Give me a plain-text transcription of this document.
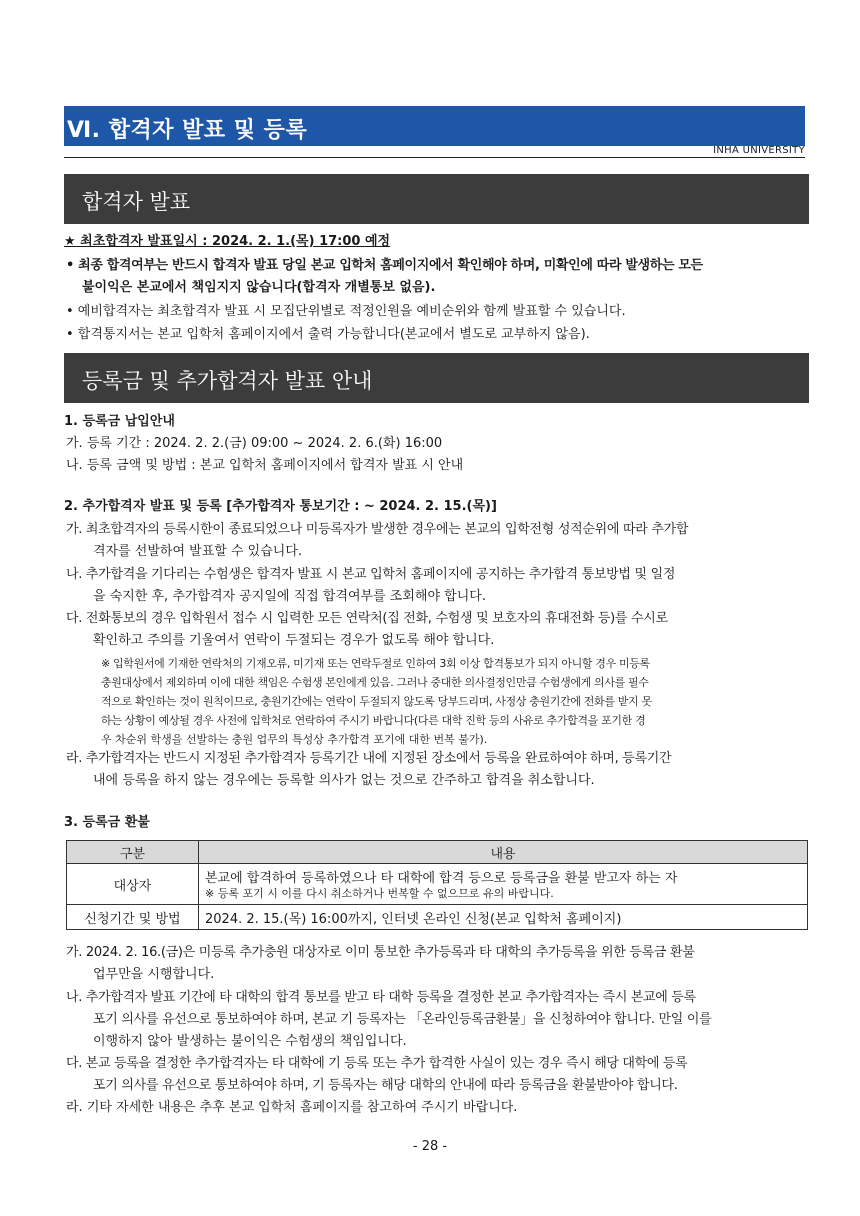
Ⅵ. 합격자 발표 및 등록
INHA UNIVERSITY
합격자 발표
★ 최초합격자 발표일시 : 2024. 2. 1.(목) 17:00 예정
• 최종 합격여부는 반드시 합격자 발표 당일 본교 입학처 홈페이지에서 확인해야 하며, 미확인에 따라 발생하는 모든
불이익은 본교에서 책임지지 않습니다(합격자 개별통보 없음).
• 예비합격자는 최초합격자 발표 시 모집단위별로 적정인원을 예비순위와 함께 발표할 수 있습니다.
• 합격통지서는 본교 입학처 홈페이지에서 출력 가능합니다(본교에서 별도로 교부하지 않음).
등록금 및 추가합격자 발표 안내
1. 등록금 납입안내
가. 등록 기간 : 2024. 2. 2.(금) 09:00 ~ 2024. 2. 6.(화) 16:00
나. 등록 금액 및 방법 : 본교 입학처 홈페이지에서 합격자 발표 시 안내
2. 추가합격자 발표 및 등록 [추가합격자 통보기간 : ~ 2024. 2. 15.(목)]
가. 최초합격자의 등록시한이 종료되었으나 미등록자가 발생한 경우에는 본교의 입학전형 성적순위에 따라 추가합
격자를 선발하여 발표할 수 있습니다.
나. 추가합격을 기다리는 수험생은 합격자 발표 시 본교 입학처 홈페이지에 공지하는 추가합격 통보방법 및 일정
을 숙지한 후, 추가합격자 공지일에 직접 합격여부를 조회해야 합니다.
다. 전화통보의 경우 입학원서 접수 시 입력한 모든 연락처(집 전화, 수험생 및 보호자의 휴대전화 등)를 수시로
확인하고 주의를 기울여서 연락이 두절되는 경우가 없도록 해야 합니다.
※ 입학원서에 기재한 연락처의 기재오류, 미기재 또는 연락두절로 인하여 3회 이상 합격통보가 되지 아니할 경우 미등록
충원대상에서 제외하며 이에 대한 책임은 수험생 본인에게 있음. 그러나 중대한 의사결정인만큼 수험생에게 의사를 필수
적으로 확인하는 것이 원칙이므로, 충원기간에는 연락이 두절되지 않도록 당부드리며, 사정상 충원기간에 전화를 받지 못
하는 상황이 예상될 경우 사전에 입학처로 연락하여 주시기 바랍니다(다른 대학 진학 등의 사유로 추가합격을 포기한 경
우 차순위 학생을 선발하는 충원 업무의 특성상 추가합격 포기에 대한 번복 불가).
라. 추가합격자는 반드시 지정된 추가합격자 등록기간 내에 지정된 장소에서 등록을 완료하여야 하며, 등록기간
내에 등록을 하지 않는 경우에는 등록할 의사가 없는 것으로 간주하고 합격을 취소합니다.
3. 등록금 환불
구분	내용
대상자	본교에 합격하여 등록하였으나 타 대학에 합격 등으로 등록금을 환불 받고자 하는 자
※ 등록 포기 시 이를 다시 취소하거나 번복할 수 없으므로 유의 바랍니다.

신청기간 및 방법	2024. 2. 15.(목) 16:00까지, 인터넷 온라인 신청(본교 입학처 홈페이지)
가. 2024. 2. 16.(금)은 미등록 추가충원 대상자로 이미 통보한 추가등록과 타 대학의 추가등록을 위한 등록금 환불
업무만을 시행합니다.
나. 추가합격자 발표 기간에 타 대학의 합격 통보를 받고 타 대학 등록을 결정한 본교 추가합격자는 즉시 본교에 등록
포기 의사를 유선으로 통보하여야 하며, 본교 기 등록자는 「온라인등록금환불」을 신청하여야 합니다. 만일 이를
이행하지 않아 발생하는 불이익은 수험생의 책임입니다.
다. 본교 등록을 결정한 추가합격자는 타 대학에 기 등록 또는 추가 합격한 사실이 있는 경우 즉시 해당 대학에 등록
포기 의사를 유선으로 통보하여야 하며, 기 등록자는 해당 대학의 안내에 따라 등록금을 환불받아야 합니다.
라. 기타 자세한 내용은 추후 본교 입학처 홈페이지를 참고하여 주시기 바랍니다.
- 28 -
